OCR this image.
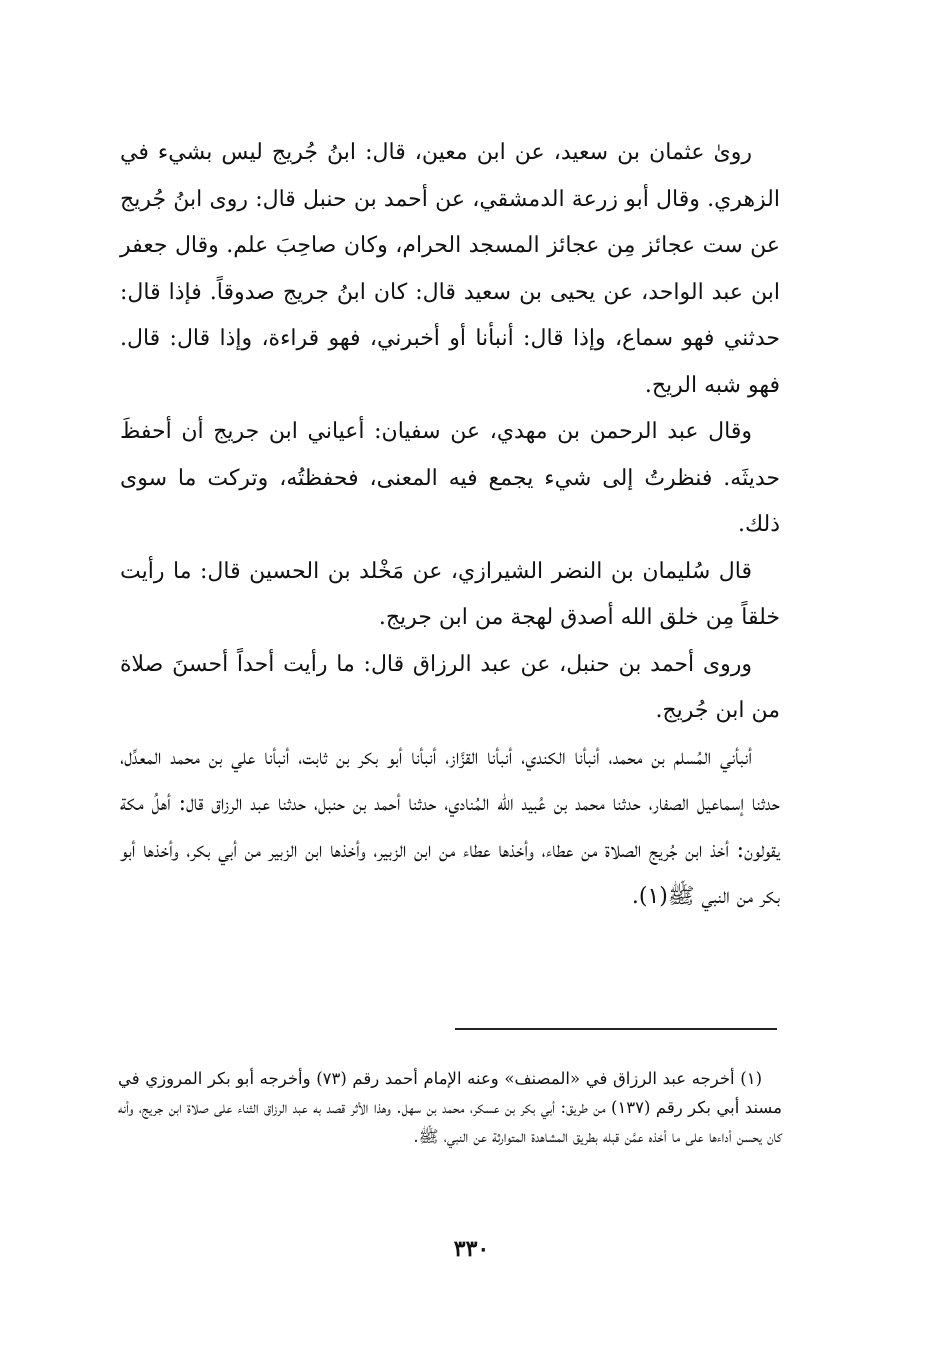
روىٰ عثمان بن سعيد، عن ابن معين، قال: ابنُ جُريج ليس بشيء في الزهري. وقال أبو زرعة الدمشقي، عن أحمد بن حنبل قال: روى ابنُ جُريج عن ست عجائز مِن عجائز المسجد الحرام، وكان صاحِبَ علم. وقال جعفر ابن عبد الواحد، عن يحيى بن سعيد قال: كان ابنُ جريج صدوقاً. فإذا قال: حدثني فهو سماع، وإذا قال: أنبأنا أو أخبرني، فهو قراءة، وإذا قال: قال. فهو شبه الريح.

وقال عبد الرحمن بن مهدي، عن سفيان: أعياني ابن جريج أن أحفظَ حديثَه. فنظرتُ إلى شيء يجمع فيه المعنى، فحفظتُه، وتركت ما سوى ذلك.

قال سُليمان بن النضر الشيرازي، عن مَخْلد بن الحسين قال: ما رأيت خلقاً مِن خلق الله أصدق لهجة من ابن جريج.

وروى أحمد بن حنبل، عن عبد الرزاق قال: ما رأيت أحداً أحسنَ صلاة من ابن جُريج.

أنبأني المُسلم بن محمد، أنبأنا الكندي، أنبأنا القزَّاز، أنبأنا أبو بكر بن ثابت، أنبأنا علي بن محمد المعدِّل، حدثنا إسماعيل الصفار، حدثنا محمد بن عُبيد الله المُنادي، حدثنا أحمد بن حنبل، حدثنا عبد الرزاق قال: أهلُ مكة يقولون: أخذ ابن جُريج الصلاة من عطاء، وأخذها عطاء من ابن الزبير، وأخذها ابن الزبير من أبي بكر، وأخذها أبو بكر من النبي ﷺ(١).

(١) أخرجه عبد الرزاق في «المصنف» وعنه الإمام أحمد رقم (٧٣) وأخرجه أبو بكر المروزي في مسند أبي بكر رقم (١٣٧) من طريق: أبي بكر بن عسكر، محمد بن سهل. وهذا الأثر قصد به عبد الرزاق الثناء على صلاة ابن جريج، وأنه كان يحسن أداءها على ما أخذه عمَّن قبله بطريق المشاهدة المتوارثة عن النبي، ﷺ.

٣٣٠
